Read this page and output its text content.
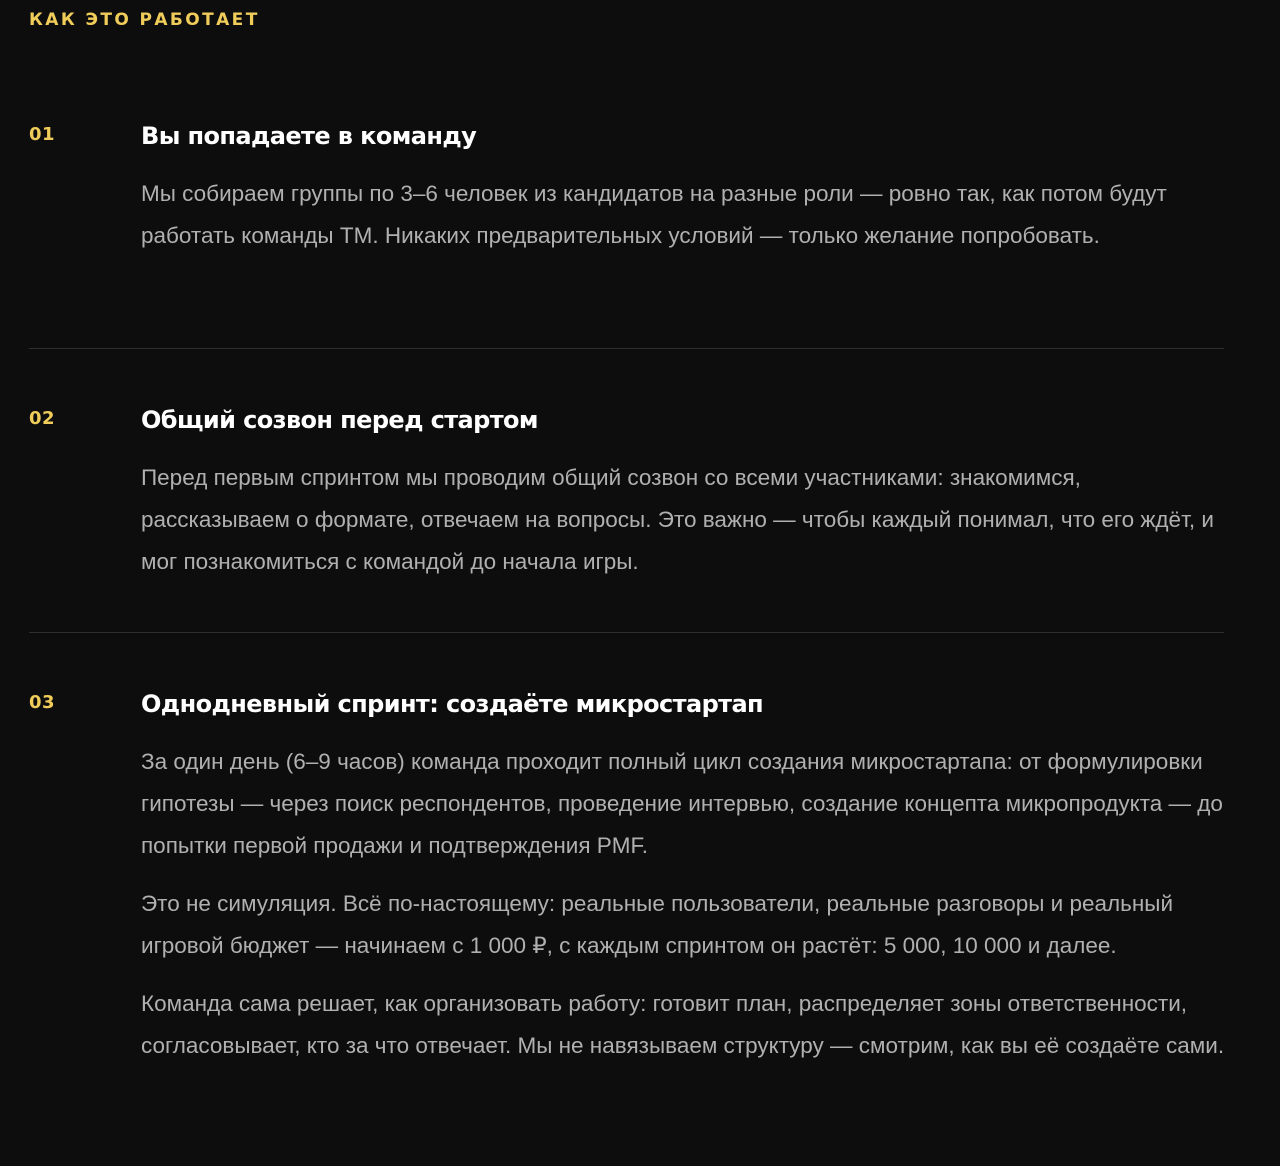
КАК ЭТО РАБОТАЕТ
01	Вы попадаете в команду

Мы собираем группы по 3–6 человек из кандидатов на разные роли — ровно так, как потом будут работать команды ТМ. Никаких предварительных условий — только желание попробовать.

02	Общий созвон перед стартом

Перед первым спринтом мы проводим общий созвон со всеми участниками: знакомимся, рассказываем о формате, отвечаем на вопросы. Это важно — чтобы каждый понимал, что его ждёт, и мог познакомиться с командой до начала игры.

03	Однодневный спринт: создаёте микростартап

За один день (6–9 часов) команда проходит полный цикл создания микростартапа: от формулировки гипотезы — через поиск респондентов, проведение интервью, создание концепта микропродукта — до попытки первой продажи и подтверждения PMF.

Это не симуляция. Всё по-настоящему: реальные пользователи, реальные разговоры и реальный игровой бюджет — начинаем с 1 000 ₽, с каждым спринтом он растёт: 5 000, 10 000 и далее.

Команда сама решает, как организовать работу: готовит план, распределяет зоны ответственности, согласовывает, кто за что отвечает. Мы не навязываем структуру — смотрим, как вы её создаёте сами.
